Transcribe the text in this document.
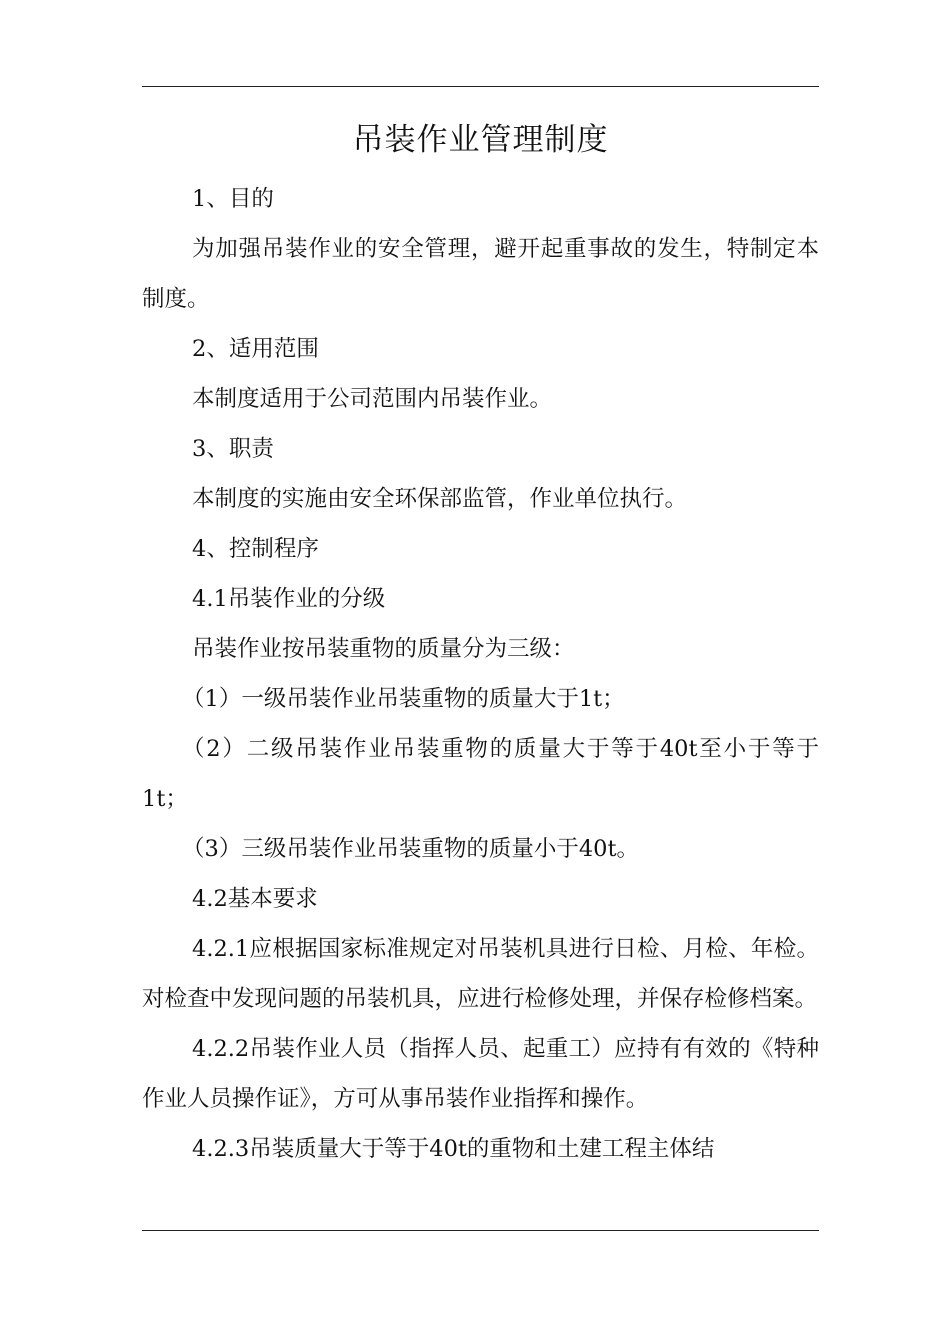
吊装作业管理制度

1、目的

为加强吊装作业的安全管理，避开起重事故的发生，特制定本制度。

2、适用范围

本制度适用于公司范围内吊装作业。

3、职责

本制度的实施由安全环保部监管，作业单位执行。

4、控制程序

4.1吊装作业的分级

吊装作业按吊装重物的质量分为三级：

（1）一级吊装作业吊装重物的质量大于1t；

（2）二级吊装作业吊装重物的质量大于等于40t至小于等于1t；

（3）三级吊装作业吊装重物的质量小于40t。

4.2基本要求

4.2.1应根据国家标准规定对吊装机具进行日检、月检、年检。对检查中发现问题的吊装机具，应进行检修处理，并保存检修档案。

4.2.2吊装作业人员（指挥人员、起重工）应持有有效的《特种作业人员操作证》，方可从事吊装作业指挥和操作。

4.2.3吊装质量大于等于40t的重物和土建工程主体结
